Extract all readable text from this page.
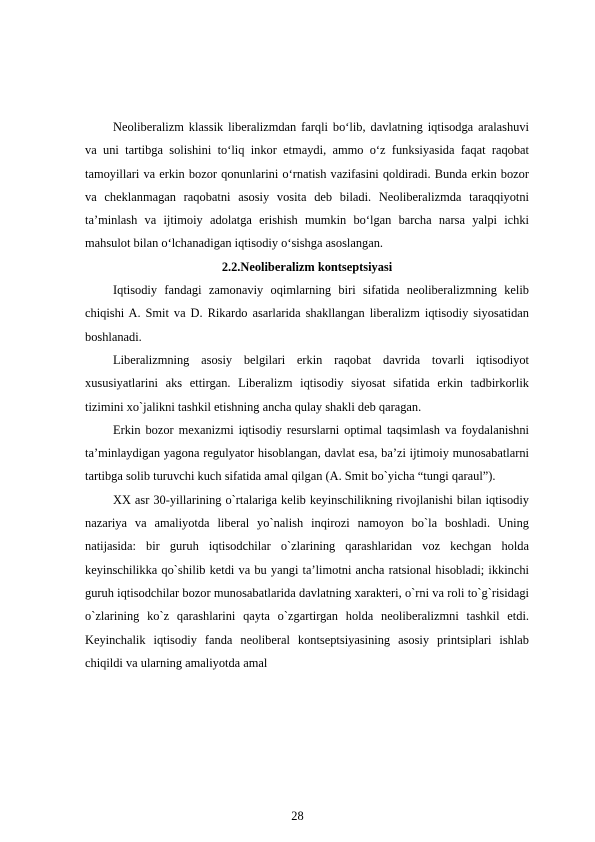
Neoliberalizm klassik liberalizmdan farqli boʻlib, davlatning iqtisodga aralashuvi va uni tartibga solishini to‘liq inkor etmaydi, ammo o‘z funksiyasida faqat raqobat tamoyillari va erkin bozor qonunlarini o‘rnatish vazifasini qoldiradi. Bunda erkin bozor va cheklanmagan raqobatni asosiy vosita deb biladi. Neoliberalizmda taraqqiyotni taʼminlash va ijtimoiy adolatga erishish mumkin bo‘lgan barcha narsa yalpi ichki mahsulot bilan o‘lchanadigan iqtisodiy o‘sishga asoslangan.

2.2.Neoliberalizm kontseptsiyasi

Iqtisodiy fandagi zamonaviy oqimlarning biri sifatida neoliberalizmning kelib chiqishi A. Smit va D. Rikardo asarlarida shakllangan liberalizm iqtisodiy siyosatidan boshlanadi.

Liberalizmning asosiy belgilari erkin raqobat davrida tovarli iqtisodiyot xususiyatlarini aks ettirgan. Liberalizm iqtisodiy siyosat sifatida erkin tadbirkorlik tizimini xo`jalikni tashkil etishning ancha qulay shakli deb qaragan.

Erkin bozor mexanizmi iqtisodiy resurslarni optimal taqsimlash va foydalanishni ta’minlaydigan yagona regulyator hisoblangan, davlat esa, ba’zi ijtimoiy munosabatlarni tartibga solib turuvchi kuch sifatida amal qilgan (A. Smit bo`yicha “tungi qaraul”).

XX asr 30-yillarining o`rtalariga kelib keyinschilikning rivojlanishi bilan iqtisodiy nazariya va amaliyotda liberal yo`nalish inqirozi namoyon bo`la boshladi. Uning natijasida: bir guruh iqtisodchilar o`zlarining qarashlaridan voz kechgan holda keyinschilikka qo`shilib ketdi va bu yangi ta’limotni ancha ratsional hisobladi; ikkinchi guruh iqtisodchilar bozor munosabatlarida davlatning xarakteri, o`rni va roli to`g`risidagi o`zlarining ko`z qarashlarini qayta o`zgartirgan holda neoliberalizmni tashkil etdi. Keyinchalik iqtisodiy fanda neoliberal kontseptsiyasining asosiy printsiplari ishlab chiqildi va ularning amaliyotda amal

28
